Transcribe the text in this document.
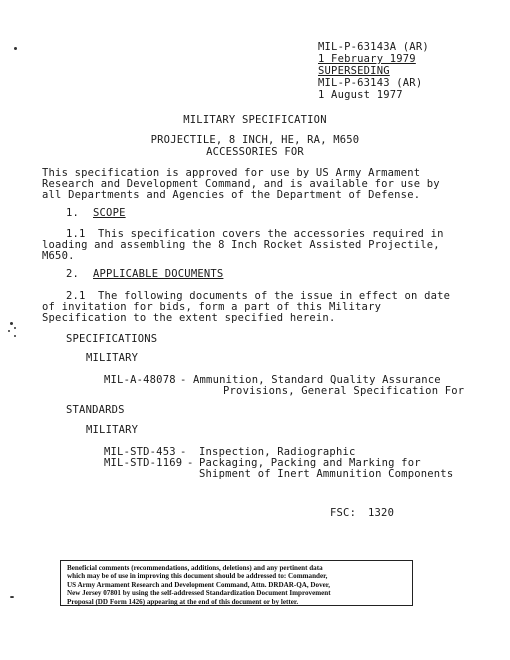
MIL-P-63143A (AR)
1 February 1979
SUPERSEDING
MIL-P-63143 (AR)
1 August 1977
MILITARY SPECIFICATION
PROJECTILE, 8 INCH, HE, RA, M650
ACCESSORIES FOR
This specification is approved for use by US Army Armament
Research and Development Command, and is available for use by
all Departments and Agencies of the Department of Defense.
1. SCOPE
1.1 This specification covers the accessories required in
loading and assembling the 8 Inch Rocket Assisted Projectile,
M650.
2. APPLICABLE DOCUMENTS
2.1 The following documents of the issue in effect on date
of invitation for bids, form a part of this Military
Specification to the extent specified herein.
SPECIFICATIONS
MILITARY
MIL-A-48078 - Ammunition, Standard Quality Assurance
Provisions, General Specification For
STANDARDS
MILITARY
MIL-STD-453 - Inspection, Radiographic
MIL-STD-1169 - Packaging, Packing and Marking for
Shipment of Inert Ammunition Components
FSC: 1320

Beneficial comments (recommendations, additions, deletions) and any pertinent data

which may be of use in improving this document should be addressed to: Commander,

US Army Armament Research and Development Command, Attn. DRDAR-QA, Dover,

New Jersey 07801 by using the self-addressed Standardization Document Improvement

Proposal (DD Form 1426) appearing at the end of this document or by letter.
